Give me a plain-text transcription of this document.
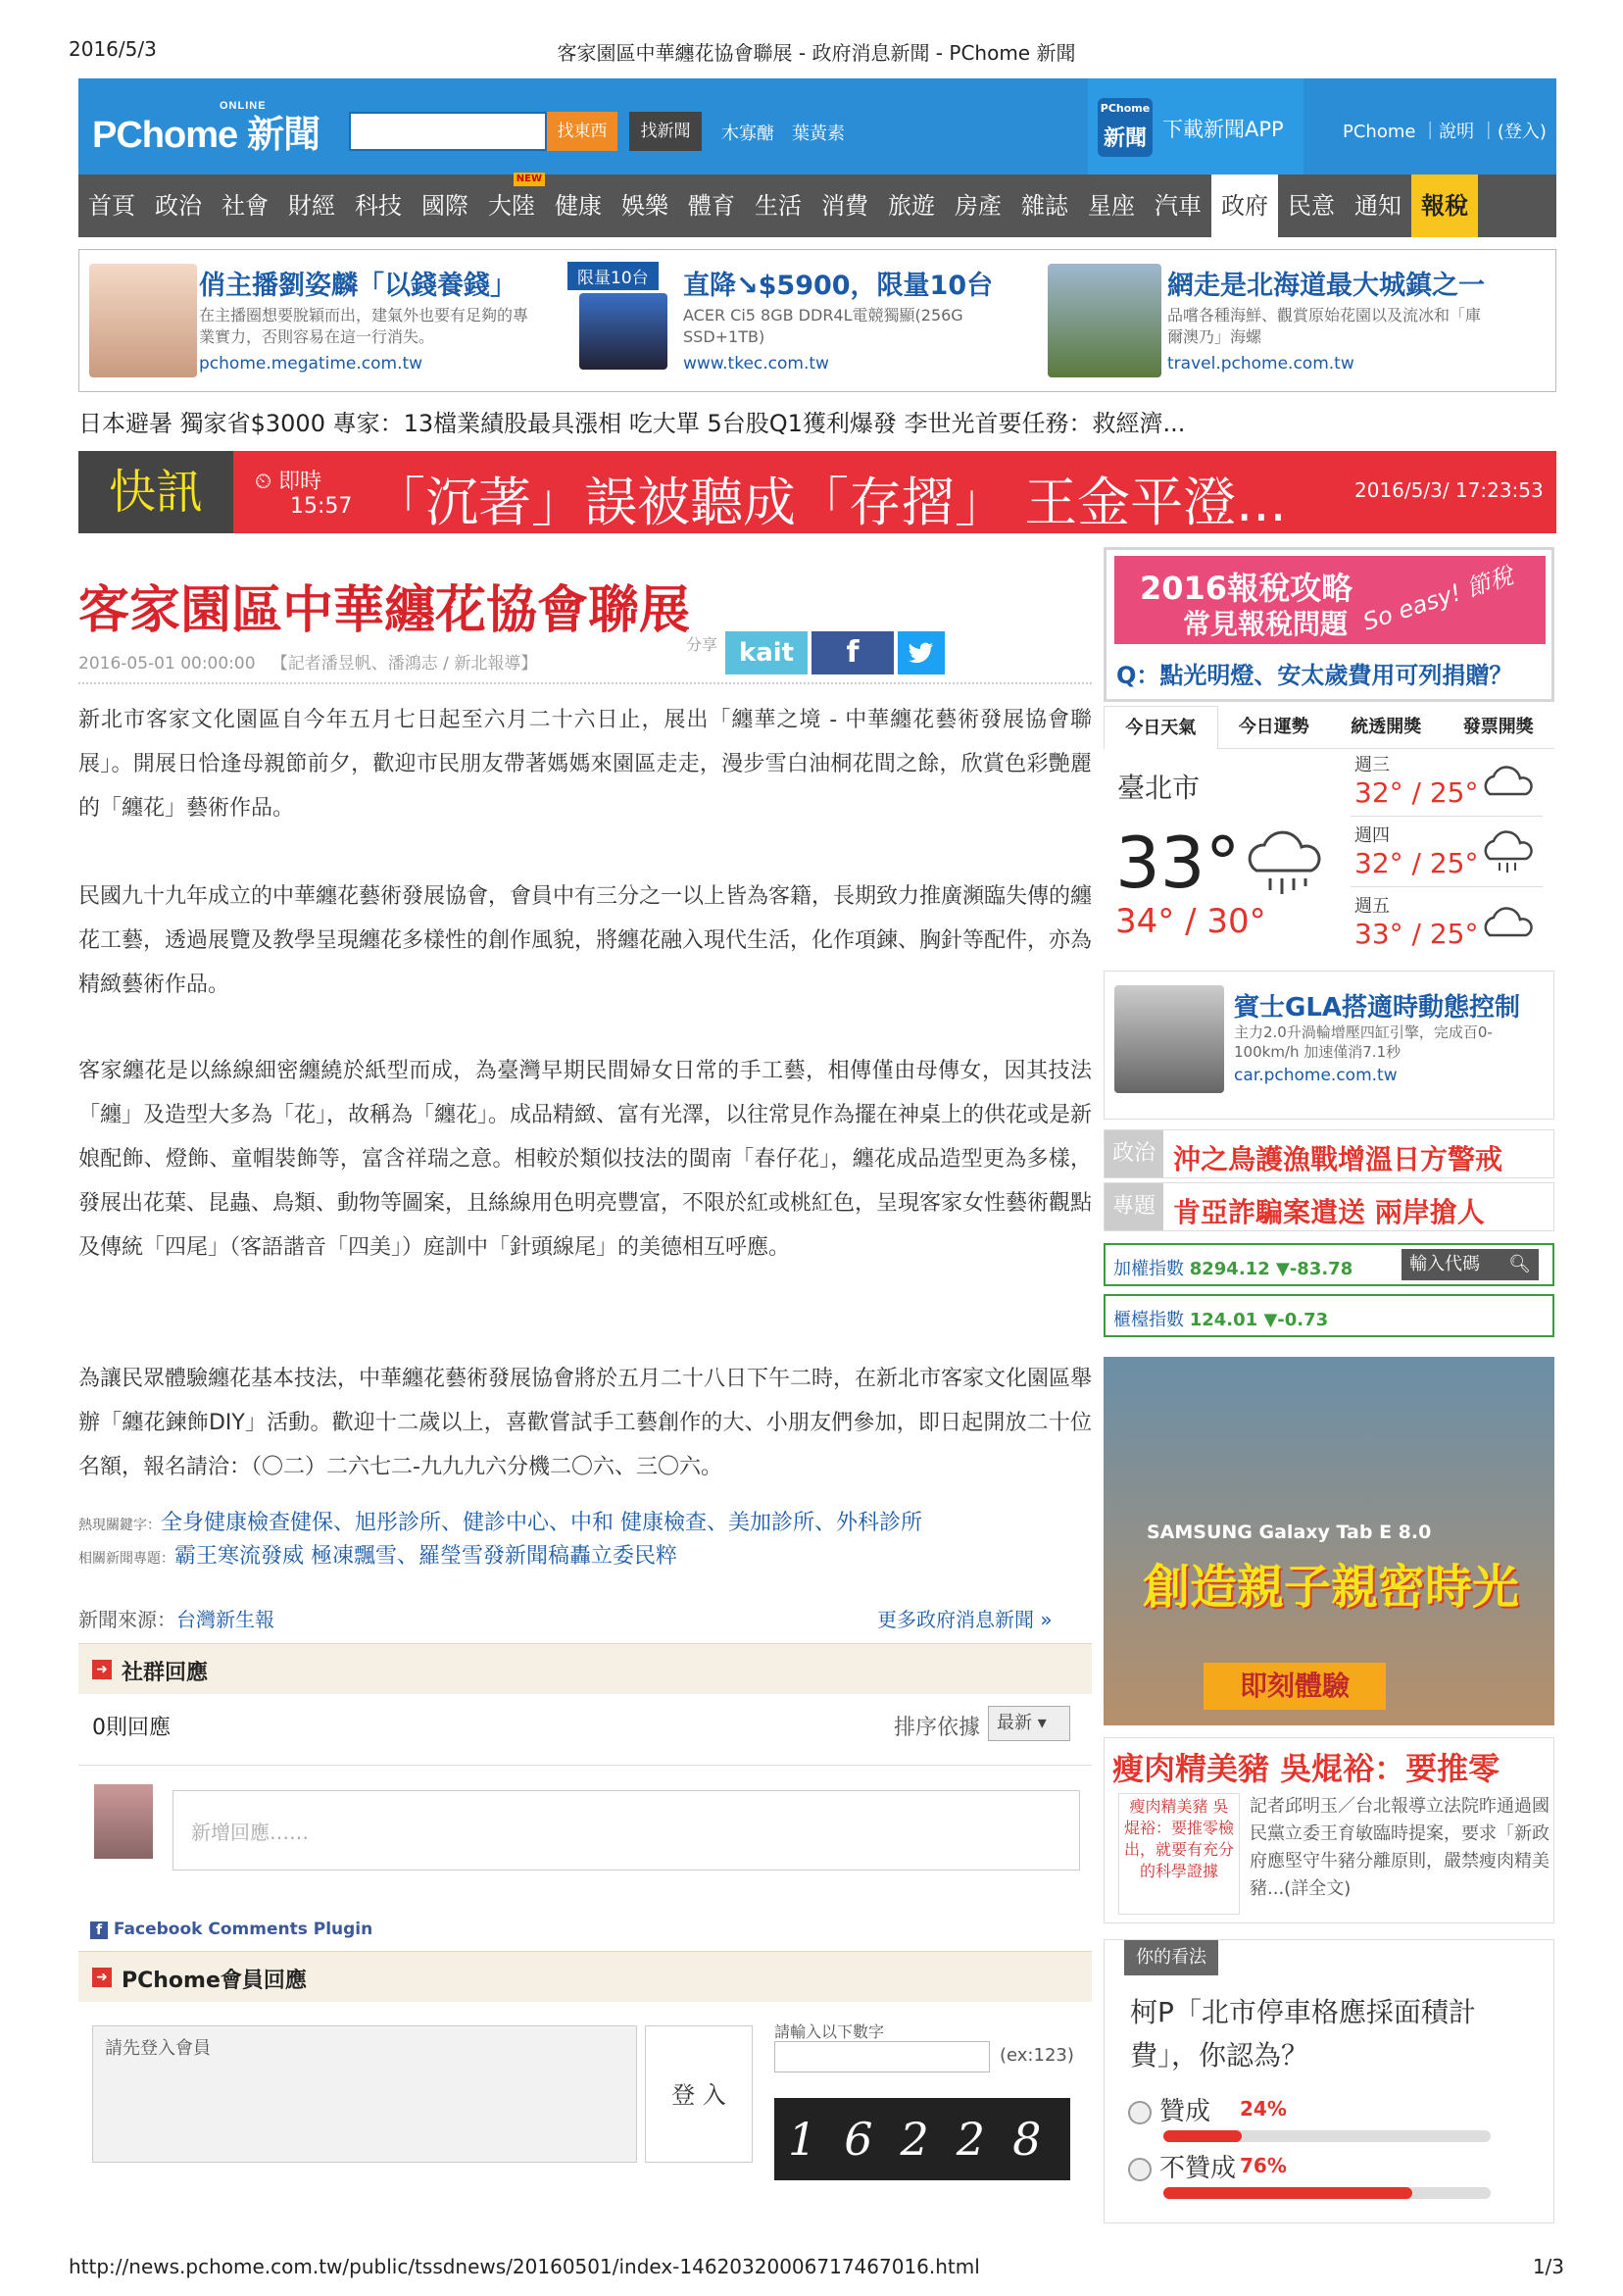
2016/5/3	客家園區中華纏花協會聯展 - 政府消息新聞 - PChome 新聞
PChome
ONLINE
新聞	找東西	找新聞	木寡醣 葉黃素
PChome
新聞 下載新聞APP	PChome ｜說明 ｜(登入)
首頁 政治 社會 財經 科技 國際 大陸
NEW
健康 娛樂 體育 生活 消費 旅遊 房產 雜誌 星座 汽車 政府 民意 通知 報稅
俏主播劉姿麟「以錢養錢」
在主播圈想要脫穎而出，建氣外也要有足夠的專業實力，否則容易在這一行消失。
pchome.megatime.com.tw
限量10台	直降↘$5900，限量10台
ACER Ci5 8GB DDR4L電競獨顯(256G SSD+1TB)
www.tkec.com.tw
網走是北海道最大城鎮之一
品嚐各種海鮮、觀賞原始花園以及流冰和「庫爾澳乃」海螺
travel.pchome.com.tw
日本避暑 獨家省$3000 專家：13檔業績股最具漲相 吃大單 5台股Q1獲利爆發 李世光首要任務：救經濟...
快訊	⏲ 即時
15:57 「沉著」誤被聽成「存摺」 王金平澄...	2016/5/3/ 17:23:53
客家園區中華纏花協會聯展
2016-05-01 00:00:00 【記者潘昱帆、潘鴻志 / 新北報導】
分享 kait	f

新北市客家文化園區自今年五月七日起至六月二十六日止，展出「纏華之境 - 中華纏花藝術發展協會聯展」。開展日恰逢母親節前夕，歡迎市民朋友帶著媽媽來園區走走，漫步雪白油桐花間之餘，欣賞色彩艷麗的「纏花」藝術作品。

民國九十九年成立的中華纏花藝術發展協會，會員中有三分之一以上皆為客籍，長期致力推廣瀕臨失傳的纏花工藝，透過展覽及教學呈現纏花多樣性的創作風貌，將纏花融入現代生活，化作項鍊、胸針等配件，亦為精緻藝術作品。

客家纏花是以絲線細密纏繞於紙型而成，為臺灣早期民間婦女日常的手工藝，相傳僅由母傳女，因其技法「纏」及造型大多為「花」，故稱為「纏花」。成品精緻、富有光澤，以往常見作為擺在神桌上的供花或是新娘配飾、燈飾、童帽裝飾等，富含祥瑞之意。相較於類似技法的閩南「春仔花」，纏花成品造型更為多樣，發展出花葉、昆蟲、鳥類、動物等圖案，且絲線用色明亮豐富，不限於紅或桃紅色，呈現客家女性藝術觀點及傳統「四尾」（客語諧音「四美」）庭訓中「針頭線尾」的美德相互呼應。

為讓民眾體驗纏花基本技法，中華纏花藝術發展協會將於五月二十八日下午二時，在新北市客家文化園區舉辦「纏花鍊飾DIY」活動。歡迎十二歲以上，喜歡嘗試手工藝創作的大、小朋友們參加，即日起開放二十位名額，報名請洽：（〇二）二六七二-九九九六分機二〇六、三〇六。

熱現關鍵字：全身健康檢查健保、旭彤診所、健診中心、中和 健康檢查、美加診所、外科診所
相關新聞專題：霸王寒流發威 極凍飄雪、羅瑩雪發新聞稿轟立委民粹
新聞來源：台灣新生報	更多政府消息新聞 »
➜ 社群回應
0則回應	排序依據 最新 ▾
新增回應……
f Facebook Comments Plugin
➜ PChome會員回應
請先登入會員
登 入
請輸入以下數字
(ex:123)
16228
2016報稅攻略
常見報稅問題 So easy! 節稅
Q：點光明燈、安太歲費用可列捐贈？
今日天氣	今日運勢	統透開獎	發票開獎
臺北市
33°
34° / 30°
週三
32° / 25°
週四
32° / 25°
週五
33° / 25°
賓士GLA搭適時動態控制
主力2.0升渦輪增壓四缸引擎，完成百0-100km/h 加速僅消7.1秒
car.pchome.com.tw
政治 沖之鳥護漁戰增溫日方警戒
專題 肯亞詐騙案遣送 兩岸搶人
加權指數 8294.12 ▼-83.78	輸入代碼 🔍︎
櫃檯指數 124.01 ▼-0.73
SAMSUNG Galaxy Tab E 8.0
創造親子親密時光
即刻體驗
瘦肉精美豬 吳焜裕：要推零
瘦肉精美豬 吳焜裕：要推零檢出，就要有充分的科學證據
記者邱明玉／台北報導立法院昨通過國民黨立委王育敏臨時提案，要求「新政府應堅守牛豬分離原則，嚴禁瘦肉精美豬...(詳全文)
你的看法
柯P「北市停車格應採面積計費」，你認為？
贊成 24%
不贊成 76%
http://news.pchome.com.tw/public/tssdnews/20160501/index-14620320006717467016.html	1/3
